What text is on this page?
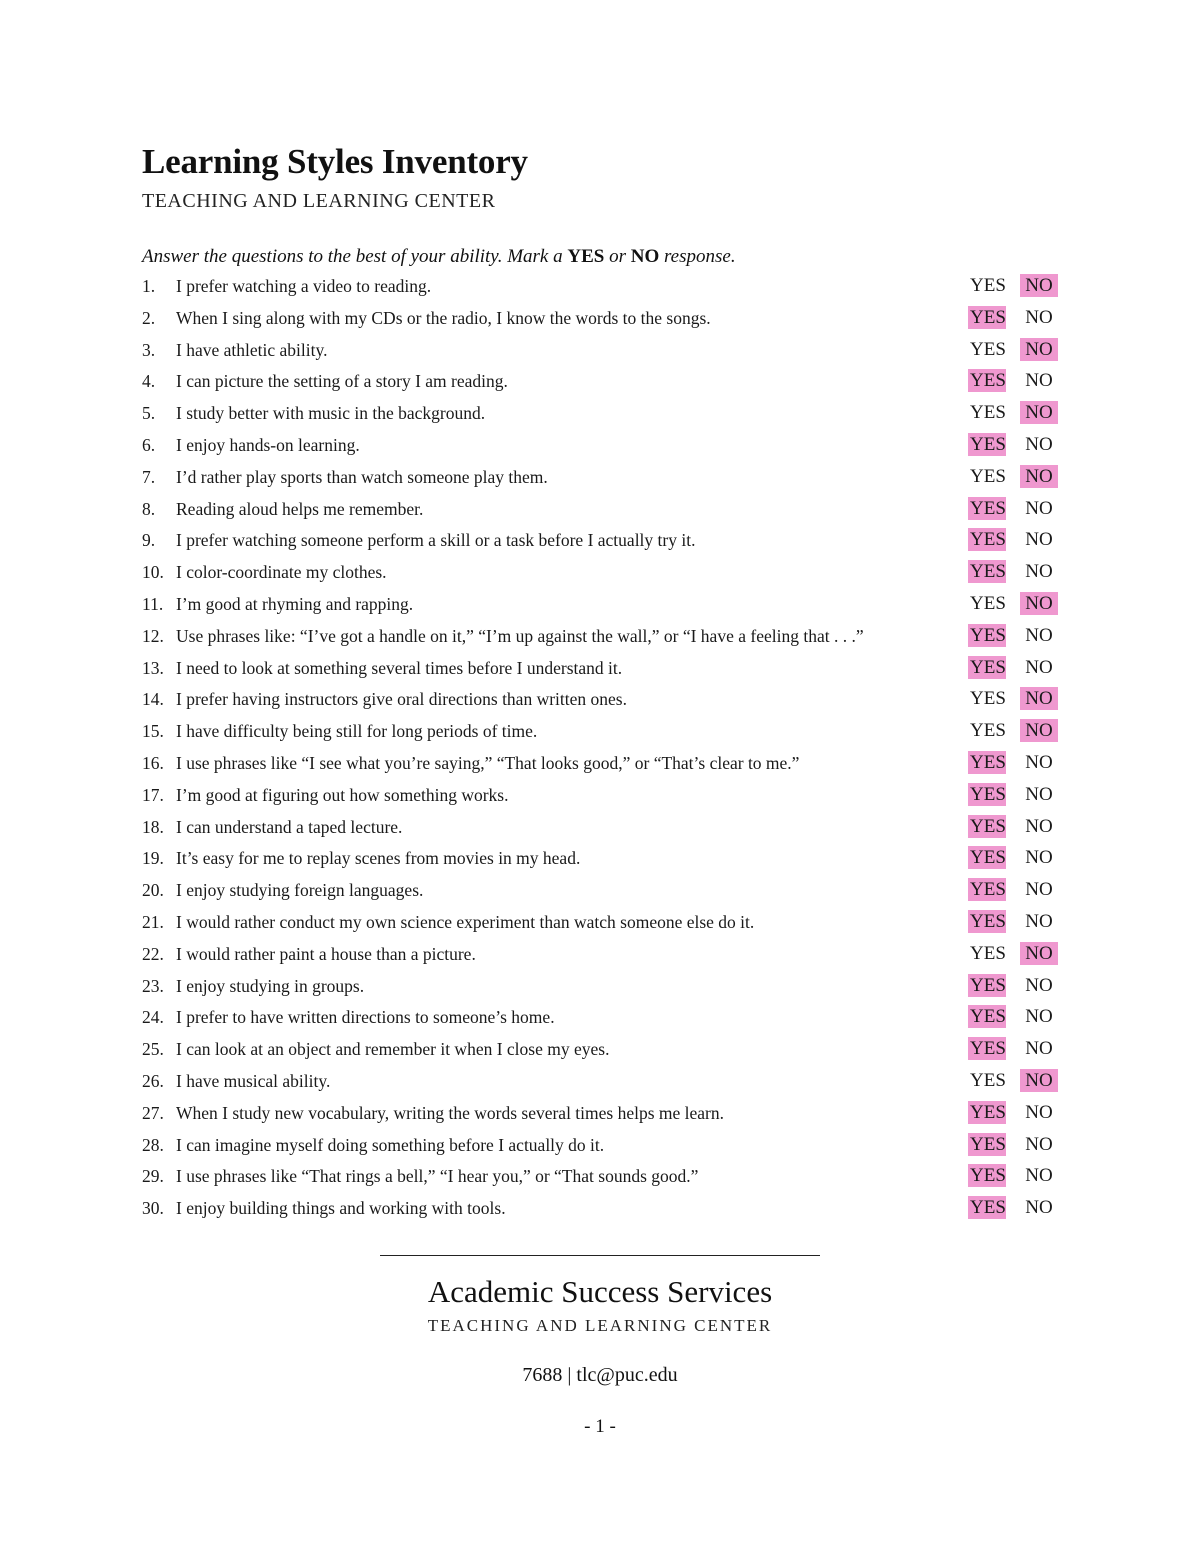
Learning Styles Inventory
TEACHING AND LEARNING CENTER

Answer the questions to the best of your ability. Mark a YES or NO response.

1. I prefer watching a video to reading.	YES NO
2. When I sing along with my CDs or the radio, I know the words to the songs.	YES NO
3. I have athletic ability.	YES NO
4. I can picture the setting of a story I am reading.	YES NO
5. I study better with music in the background.	YES NO
6. I enjoy hands-on learning.	YES NO
7. I’d rather play sports than watch someone play them.	YES NO
8. Reading aloud helps me remember.	YES NO
9. I prefer watching someone perform a skill or a task before I actually try it.	YES NO
10. I color-coordinate my clothes.	YES NO
11. I’m good at rhyming and rapping.	YES NO
12. Use phrases like: “I’ve got a handle on it,” “I’m up against the wall,” or “I have a feeling that . . .”	YES NO
13. I need to look at something several times before I understand it.	YES NO
14. I prefer having instructors give oral directions than written ones.	YES NO
15. I have difficulty being still for long periods of time.	YES NO
16. I use phrases like “I see what you’re saying,” “That looks good,” or “That’s clear to me.”	YES NO
17. I’m good at figuring out how something works.	YES NO
18. I can understand a taped lecture.	YES NO
19. It’s easy for me to replay scenes from movies in my head.	YES NO
20. I enjoy studying foreign languages.	YES NO
21. I would rather conduct my own science experiment than watch someone else do it.	YES NO
22. I would rather paint a house than a picture.	YES NO
23. I enjoy studying in groups.	YES NO
24. I prefer to have written directions to someone’s home.	YES NO
25. I can look at an object and remember it when I close my eyes.	YES NO
26. I have musical ability.	YES NO
27. When I study new vocabulary, writing the words several times helps me learn.	YES NO
28. I can imagine myself doing something before I actually do it.	YES NO
29. I use phrases like “That rings a bell,” “I hear you,” or “That sounds good.”	YES NO
30. I enjoy building things and working with tools.	YES NO
Academic Success Services
TEACHING AND LEARNING CENTER
7688 | tlc@puc.edu
- 1 -
